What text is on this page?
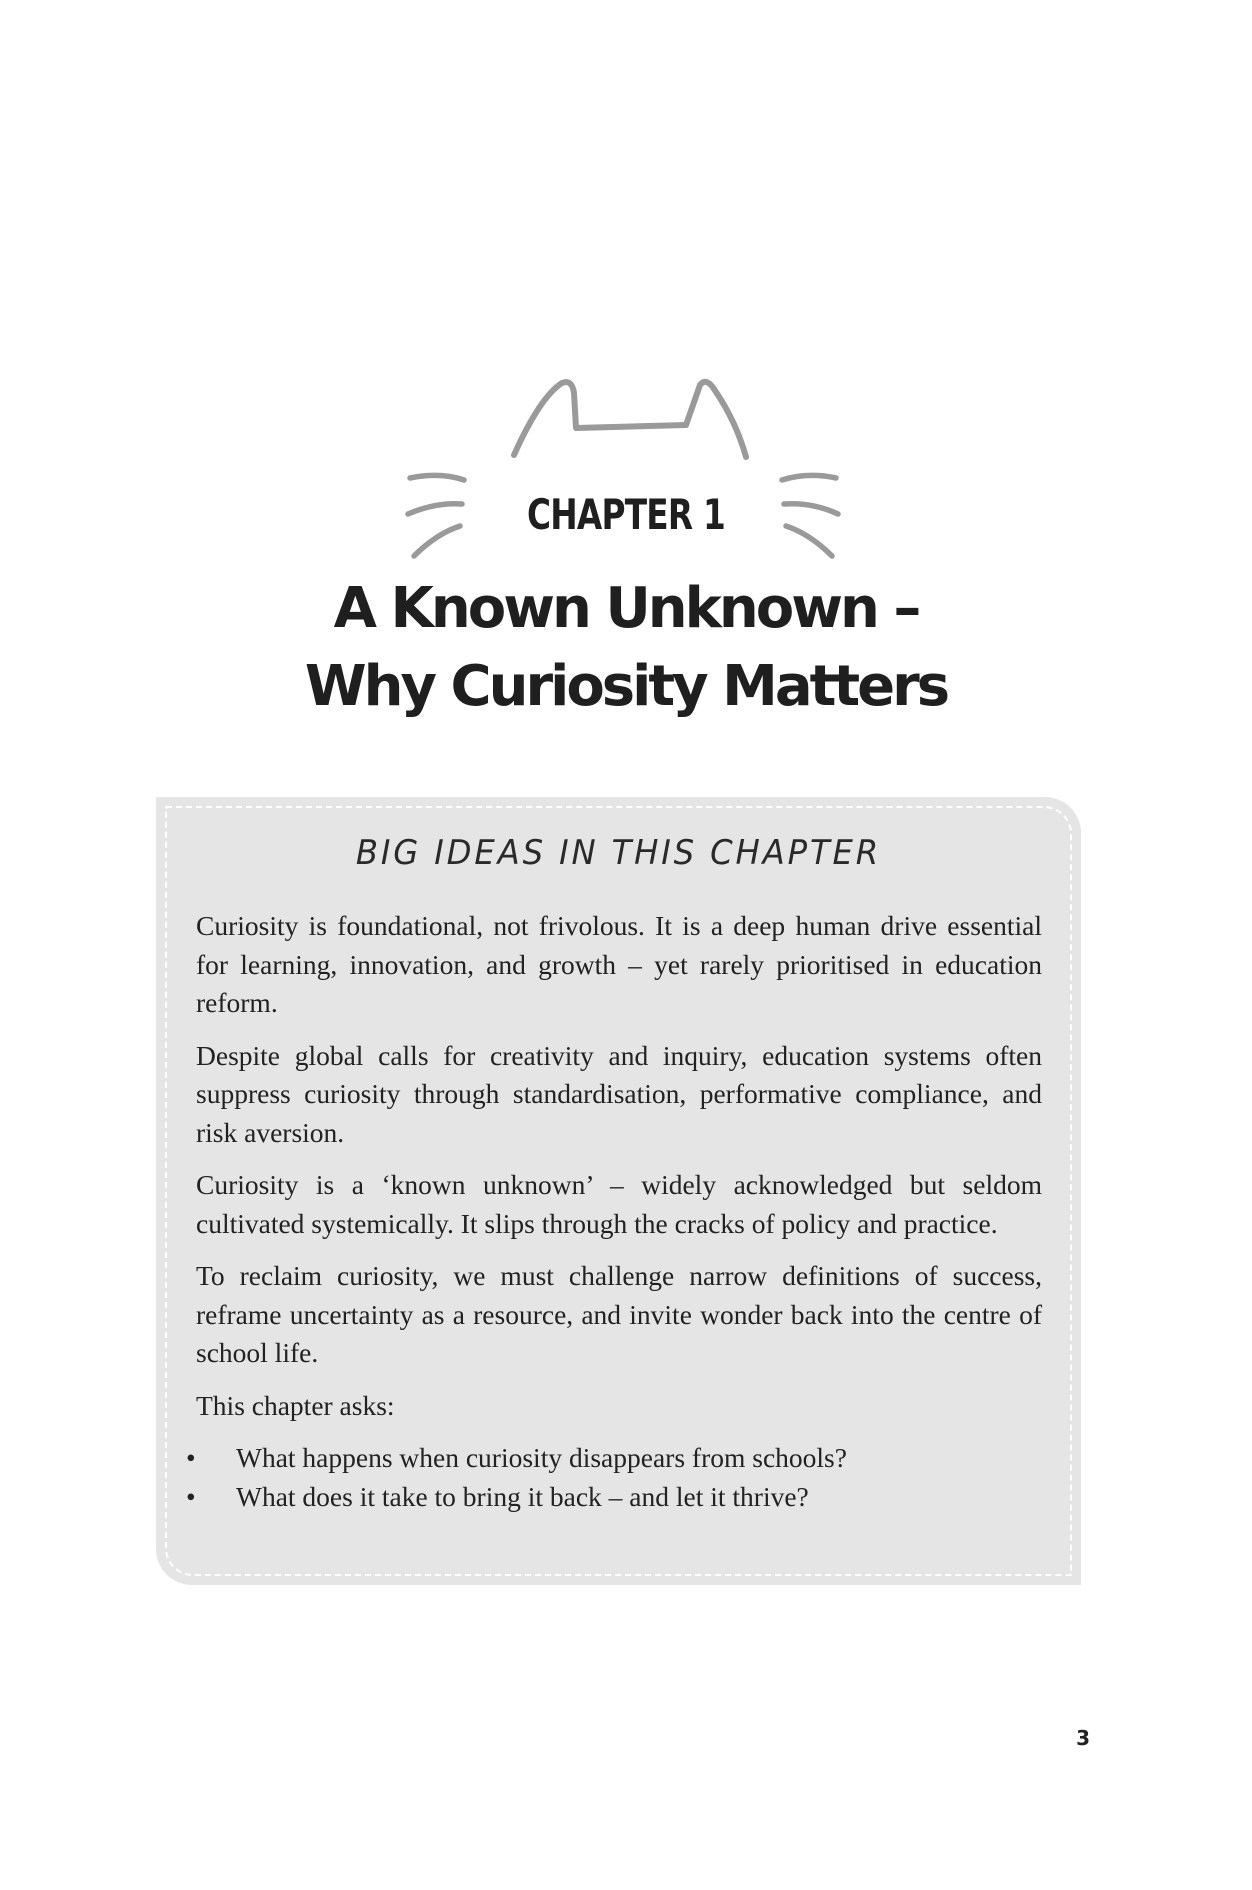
CHAPTER 1
A Known Unknown –
Why Curiosity Matters
BIG IDEAS IN THIS CHAPTER

Curiosity is foundational, not frivolous. It is a deep human drive essential for learning, innovation, and growth – yet rarely prioritised in education reform.

Despite global calls for creativity and inquiry, education systems often suppress curiosity through standardisation, performative compliance, and risk aversion.

Curiosity is a ‘known unknown’ – widely acknowledged but seldom cultivated systemically. It slips through the cracks of policy and practice.

To reclaim curiosity, we must challenge narrow definitions of success, reframe uncertainty as a resource, and invite wonder back into the centre of school life.

This chapter asks:

• What happens when curiosity disappears from schools?
• What does it take to bring it back – and let it thrive?
3
